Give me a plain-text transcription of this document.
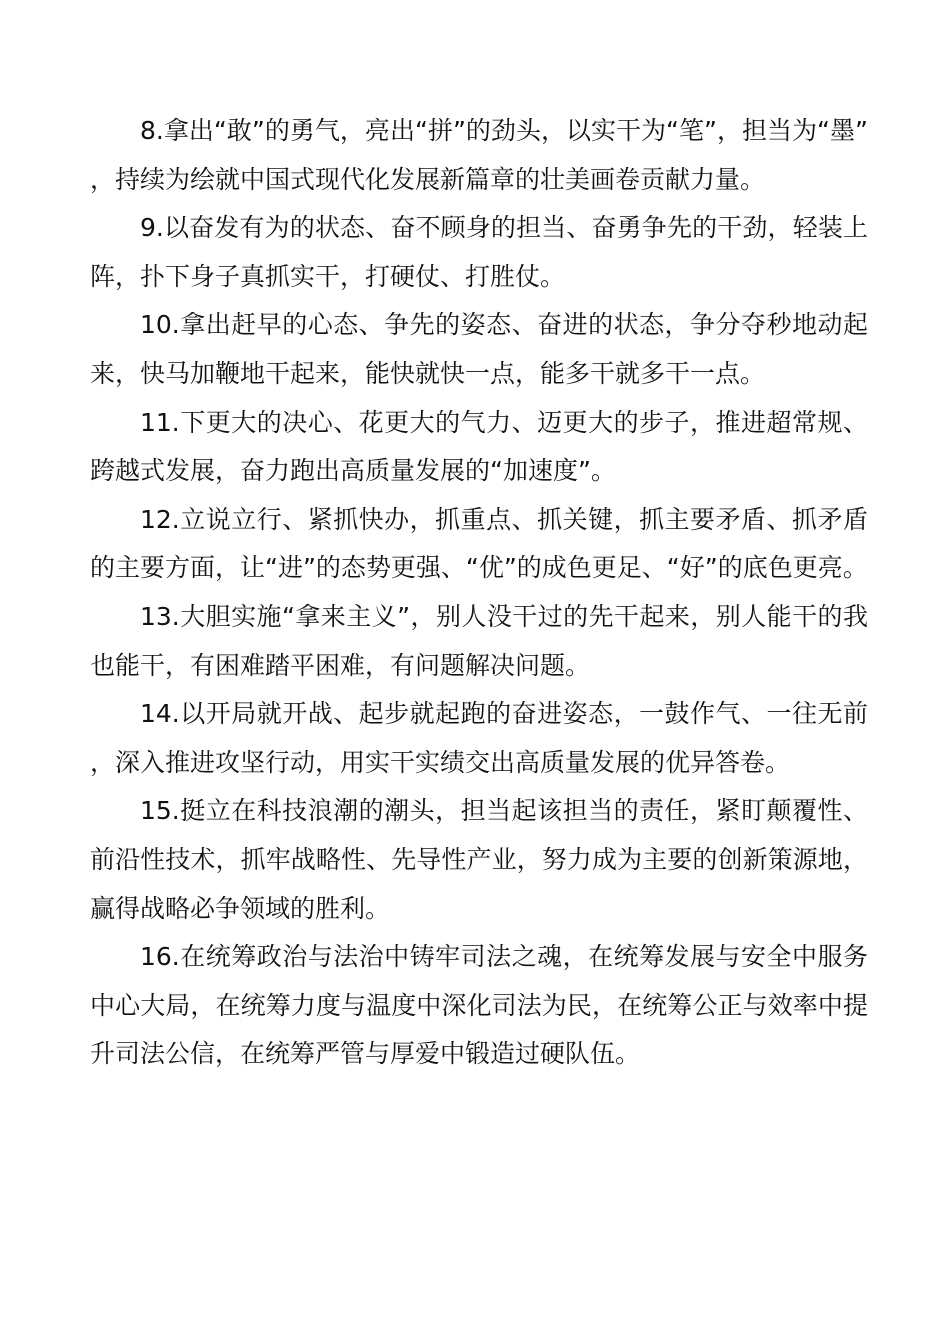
8.拿出“敢”的勇气，亮出“拼”的劲头，以实干为“笔”，担当为“墨”，持续为绘就中国式现代化发展新篇章的壮美画卷贡献力量。

9.以奋发有为的状态、奋不顾身的担当、奋勇争先的干劲，轻装上阵，扑下身子真抓实干，打硬仗、打胜仗。

10.拿出赶早的心态、争先的姿态、奋进的状态，争分夺秒地动起来，快马加鞭地干起来，能快就快一点，能多干就多干一点。

11.下更大的决心、花更大的气力、迈更大的步子，推进超常规、跨越式发展，奋力跑出高质量发展的“加速度”。

12.立说立行、紧抓快办，抓重点、抓关键，抓主要矛盾、抓矛盾的主要方面，让“进”的态势更强、“优”的成色更足、“好”的底色更亮。

13.大胆实施“拿来主义”，别人没干过的先干起来，别人能干的我也能干，有困难踏平困难，有问题解决问题。

14.以开局就开战、起步就起跑的奋进姿态，一鼓作气、一往无前，深入推进攻坚行动，用实干实绩交出高质量发展的优异答卷。

15.挺立在科技浪潮的潮头，担当起该担当的责任，紧盯颠覆性、前沿性技术，抓牢战略性、先导性产业，努力成为主要的创新策源地，赢得战略必争领域的胜利。

16.在统筹政治与法治中铸牢司法之魂，在统筹发展与安全中服务中心大局，在统筹力度与温度中深化司法为民，在统筹公正与效率中提升司法公信，在统筹严管与厚爱中锻造过硬队伍。
